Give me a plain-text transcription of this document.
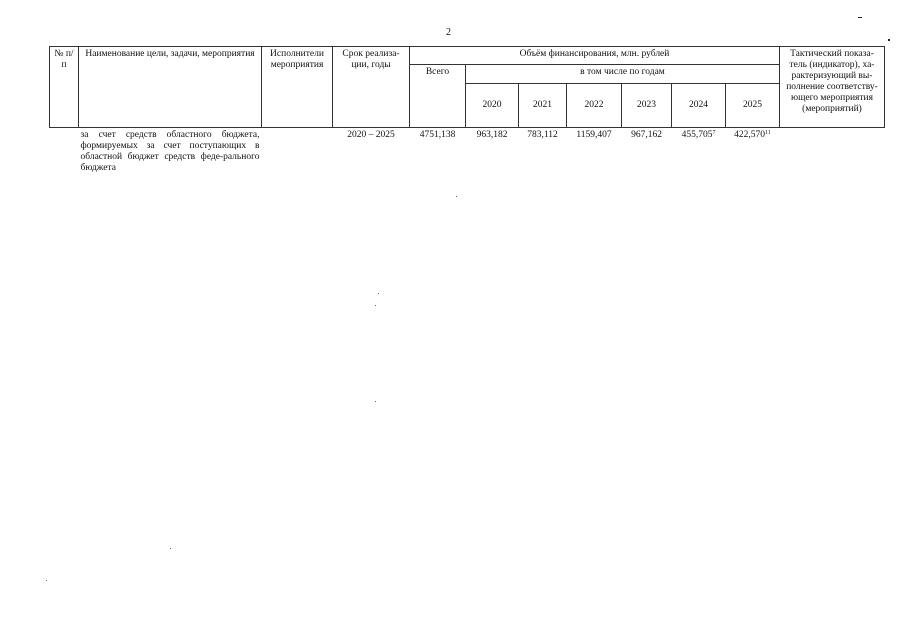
2
№ п/п	Наименование цели, задачи, мероприятия	Исполнители мероприятия	Срок реализа-ции, годы	Объём финансирования, млн. рублей							Тактический показа-тель (индикатор), ха-рактеризующий вы-полнение соответству-ющего мероприятия (мероприятий)
				Всего	в том числе по годам						
					2020	2021	2022	2023	2024	2025	
	за счет средств областного бюджета, формируемых за счет поступающих в областной бюджет средств феде-рального бюджета		2020 – 2025	4751,138	963,182	783,112	1159,407	967,162	455,705$^7$	422,570$^{11}$	
